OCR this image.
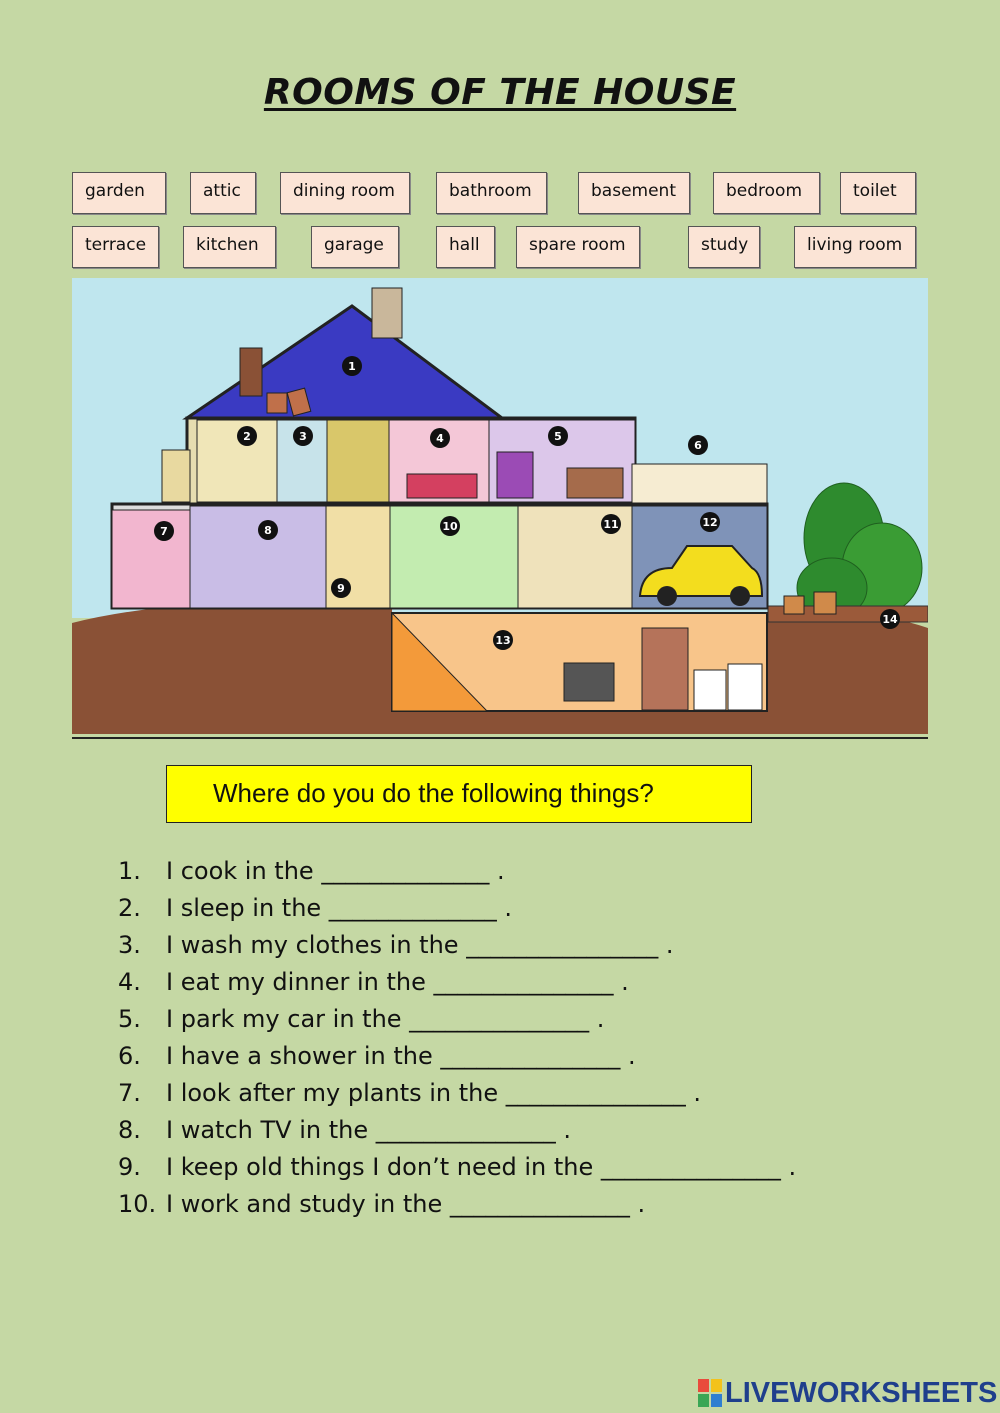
ROOMS OF THE HOUSE
garden	attic	dining room	bathroom	basement	bedroom	toilet
terrace	kitchen	garage	hall	spare room	study	living room
1
2	3	4	5
6
7	8
9
10	11	12
13
14
Where do you do the following things?
1. I cook in the ______________ .
2. I sleep in the ______________ .
3. I wash my clothes in the ________________ .
4. I eat my dinner in the _______________ .
5. I park my car in the _______________ .
6. I have a shower in the _______________ .
7. I look after my plants in the _______________ .
8. I watch TV in the _______________ .
9. I keep old things I don’t need in the _______________ .
10. I work and study in the _______________ .
LIVEWORKSHEETS
